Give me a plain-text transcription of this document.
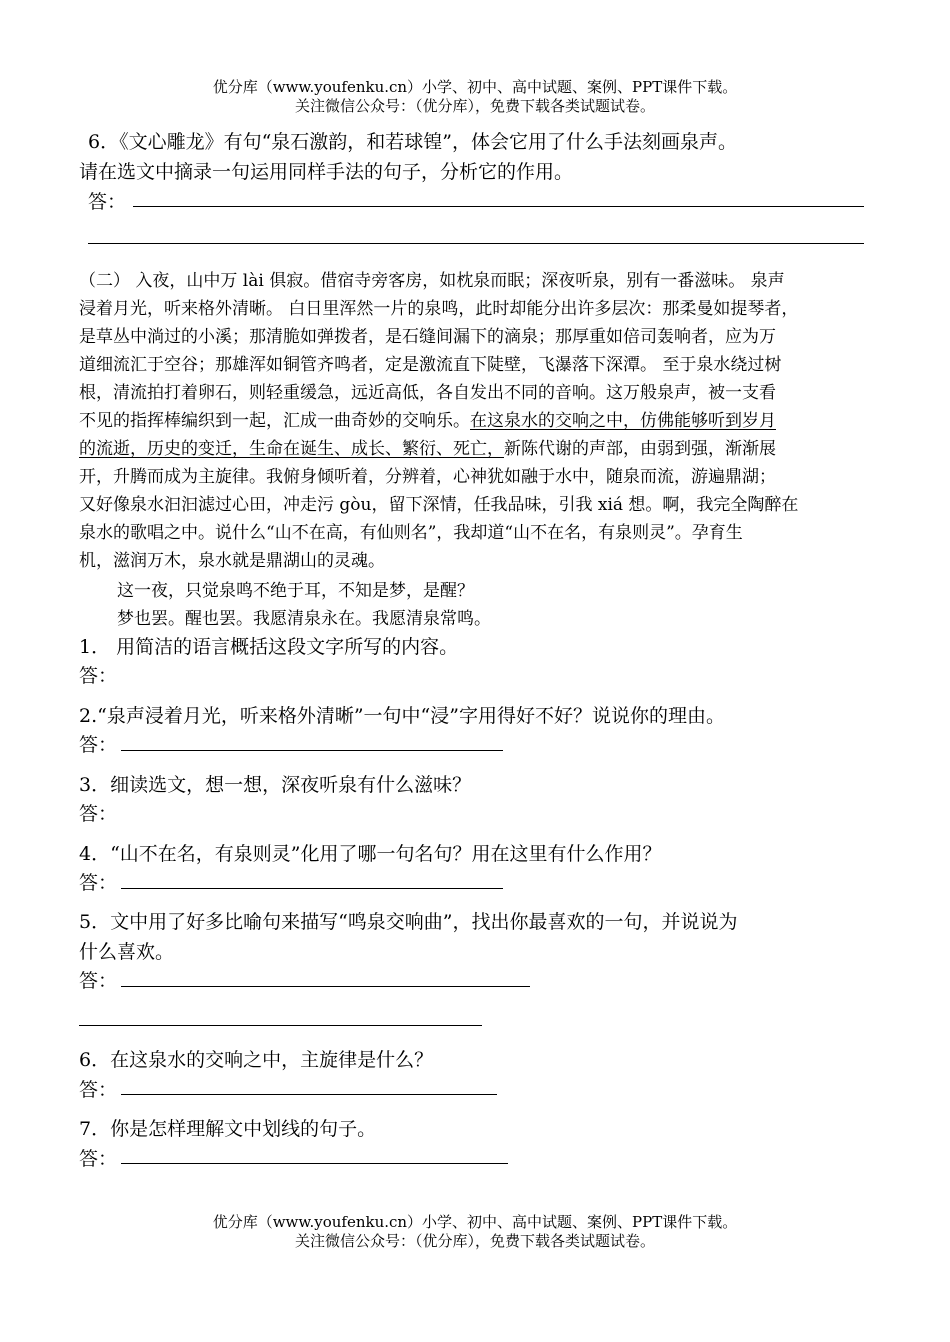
优分库（www.youfenku.cn）小学、初中、高中试题、案例、PPT课件下载。
关注微信公众号：（优分库），免费下载各类试题试卷。
6．《文心雕龙》有句“泉石激韵，和若球锽”，体会它用了什么手法刻画泉声。
请在选文中摘录一句运用同样手法的句子，分析它的作用。
答：
（二） 入夜，山中万 lài 俱寂。借宿寺旁客房，如枕泉而眠；深夜听泉，别有一番滋味。 泉声
浸着月光，听来格外清晰。 白日里浑然一片的泉鸣，此时却能分出许多层次：那柔曼如提琴者，
是草丛中淌过的小溪；那清脆如弹拨者，是石缝间漏下的滴泉；那厚重如倍司轰响者，应为万
道细流汇于空谷；那雄浑如铜管齐鸣者，定是激流直下陡壁，飞瀑落下深潭。 至于泉水绕过树
根，清流拍打着卵石，则轻重缓急，远近高低，各自发出不同的音响。这万般泉声，被一支看
不见的指挥棒编织到一起，汇成一曲奇妙的交响乐。在这泉水的交响之中，仿佛能够听到岁月
的流逝，历史的变迁，生命在诞生、成长、繁衍、死亡，新陈代谢的声部，由弱到强，渐渐展
开，升腾而成为主旋律。我俯身倾听着，分辨着，心神犹如融于水中，随泉而流，游遍鼎湖；
又好像泉水汩汩滤过心田，冲走污 gòu，留下深情，任我品味，引我 xiá 想。啊，我完全陶醉在
泉水的歌唱之中。说什么“山不在高，有仙则名”，我却道“山不在名，有泉则灵”。孕育生
机，滋润万木，泉水就是鼎湖山的灵魂。
这一夜，只觉泉鸣不绝于耳，不知是梦，是醒？
梦也罢。醒也罢。我愿清泉永在。我愿清泉常鸣。
1． 用简洁的语言概括这段文字所写的内容。
答：
2.“泉声浸着月光，听来格外清晰”一句中“浸”字用得好不好？说说你的理由。
答：
3．细读选文，想一想，深夜听泉有什么滋味？
答：
4．“山不在名，有泉则灵”化用了哪一句名句？用在这里有什么作用？
答：
5．文中用了好多比喻句来描写“鸣泉交响曲”，找出你最喜欢的一句，并说说为
什么喜欢。
答：
6．在这泉水的交响之中，主旋律是什么？
答：
7．你是怎样理解文中划线的句子。
答：
优分库（www.youfenku.cn）小学、初中、高中试题、案例、PPT课件下载。
关注微信公众号：（优分库），免费下载各类试题试卷。
